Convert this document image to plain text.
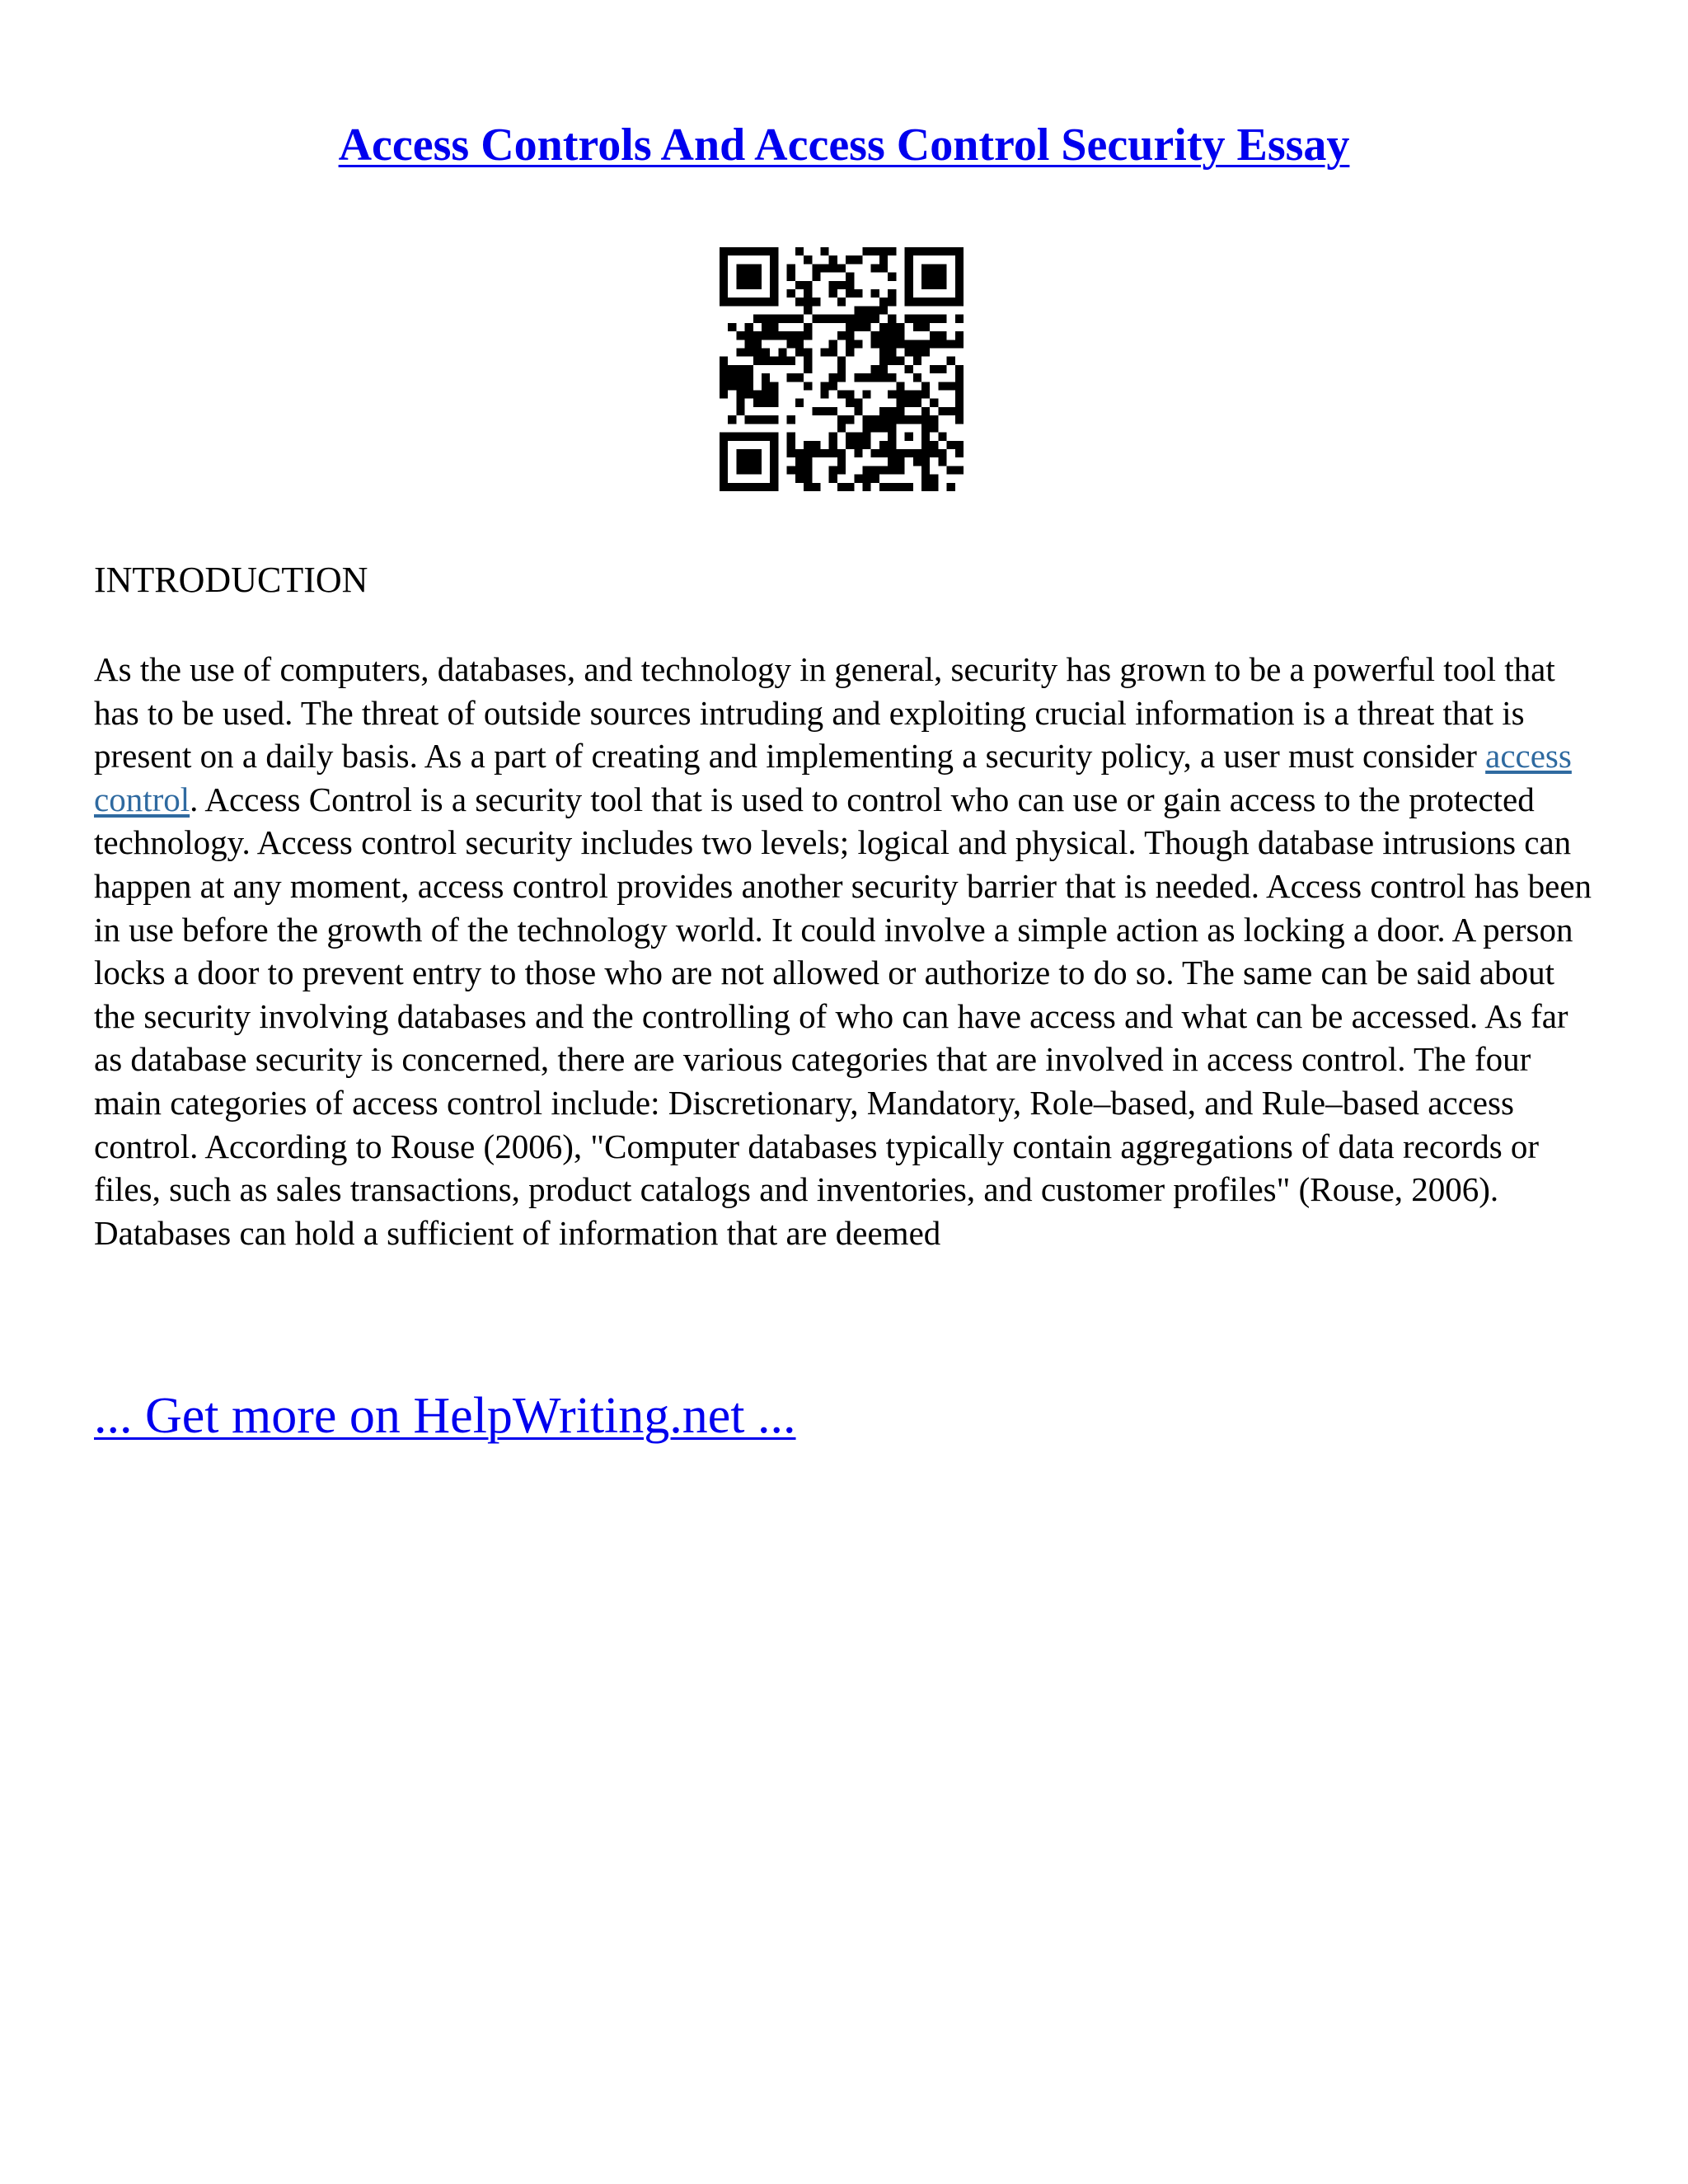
Access Controls And Access Control Security Essay
INTRODUCTION

As the use of computers, databases, and technology in general, security has grown to be a powerful tool that has to be used. The threat of outside sources intruding and exploiting crucial information is a threat that is present on a daily basis. As a part of creating and implementing a security policy, a user must consider access control. Access Control is a security tool that is used to control who can use or gain access to the protected technology. Access control security includes two levels; logical and physical. Though database intrusions can happen at any moment, access control provides another security barrier that is needed. Access control has been in use before the growth of the technology world. It could involve a simple action as locking a door. A person locks a door to prevent entry to those who are not allowed or authorize to do so. The same can be said about the security involving databases and the controlling of who can have access and what can be accessed. As far as database security is concerned, there are various categories that are involved in access control. The four main categories of access control include: Discretionary, Mandatory, Role–based, and Rule–based access control. According to Rouse (2006), "Computer databases typically contain aggregations of data records or files, such as sales transactions, product catalogs and inventories, and customer profiles" (Rouse, 2006). Databases can hold a sufficient of information that are deemed

... Get more on HelpWriting.net ...
